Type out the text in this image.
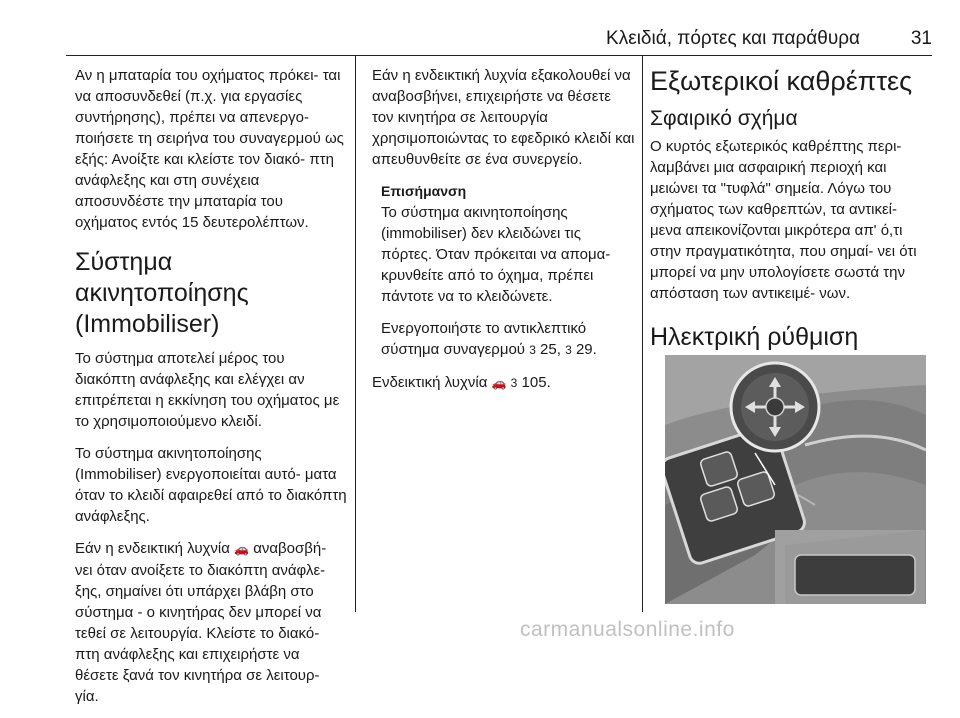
Κλειδιά, πόρτες και παράθυρα	31

Αν η μπαταρία του οχήματος πρόκει- ται να αποσυνδεθεί (π.χ. για εργασίες συντήρησης), πρέπει να απενεργο- ποιήσετε τη σειρήνα του συναγερμού ως εξής: Ανοίξτε και κλείστε τον διακό- πτη ανάφλεξης και στη συνέχεια αποσυνδέστε την μπαταρία του οχήματος εντός 15 δευτερολέπτων.

Σύστημα ακινητοποίησης (Immobiliser)

Το σύστημα αποτελεί μέρος του διακόπτη ανάφλεξης και ελέγχει αν επιτρέπεται η εκκίνηση του οχήματος με το χρησιμοποιούμενο κλειδί.

Το σύστημα ακινητοποίησης (Immobiliser) ενεργοποιείται αυτό- ματα όταν το κλειδί αφαιρεθεί από το διακόπτη ανάφλεξης.

Εάν η ενδεικτική λυχνία 🚗 αναβοσβή- νει όταν ανοίξετε το διακόπτη ανάφλε- ξης, σημαίνει ότι υπάρχει βλάβη στο σύστημα - ο κινητήρας δεν μπορεί να τεθεί σε λειτουργία. Κλείστε το διακό- πτη ανάφλεξης και επιχειρήστε να θέσετε ξανά τον κινητήρα σε λειτουρ- γία.

Εάν η ενδεικτική λυχνία εξακολουθεί να αναβοσβήνει, επιχειρήστε να θέσετε τον κινητήρα σε λειτουργία χρησιμοποιώντας το εφεδρικό κλειδί και απευθυνθείτε σε ένα συνεργείο.

Επισήμανση

Το σύστημα ακινητοποίησης (immobiliser) δεν κλειδώνει τις πόρτες. Όταν πρόκειται να απομα- κρυνθείτε από το όχημα, πρέπει πάντοτε να το κλειδώνετε.

Ενεργοποιήστε το αντικλεπτικό σύστημα συναγερμού 3 25, 3 29.

Ενδεικτική λυχνία 🚗 3 105.

Εξωτερικοί καθρέπτες
Σφαιρικό σχήμα

Ο κυρτός εξωτερικός καθρέπτης περι- λαμβάνει μια ασφαιρική περιοχή και μειώνει τα "τυφλά" σημεία. Λόγω του σχήματος των καθρεπτών, τα αντικεί- μενα απεικονίζονται μικρότερα απ' ό,τι στην πραγματικότητα, που σημαί- νει ότι μπορεί να μην υπολογίσετε σωστά την απόσταση των αντικειμέ- νων.

Ηλεκτρική ρύθμιση
carmanualsonline.info
